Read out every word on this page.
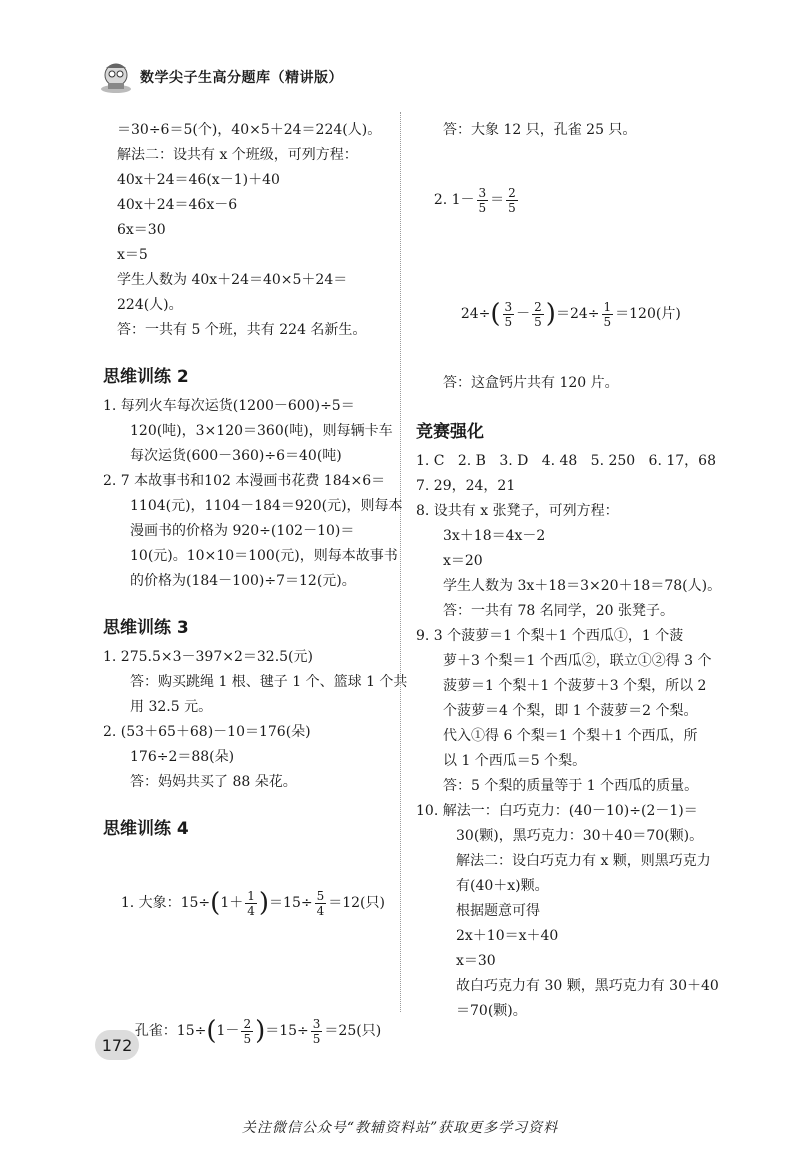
数学尖子生高分题库（精讲版）
＝30÷6＝5(个)，40×5＋24＝224(人)。
解法二：设共有 x 个班级，可列方程：
40x＋24＝46(x－1)＋40
40x＋24＝46x－6
6x＝30
x＝5
学生人数为 40x＋24＝40×5＋24＝
224(人)。
答：一共有 5 个班，共有 224 名新生。
思维训练 2
1. 每列火车每次运货(1200－600)÷5＝
120(吨)，3×120＝360(吨)，则每辆卡车
每次运货(600－360)÷6＝40(吨)
2. 7 本故事书和102 本漫画书花费 184×6＝
1104(元)，1104－184＝920(元)，则每本
漫画书的价格为 920÷(102－10)＝
10(元)。10×10＝100(元)，则每本故事书
的价格为(184－100)÷7＝12(元)。
思维训练 3
1. 275.5×3－397×2＝32.5(元)
答：购买跳绳 1 根、毽子 1 个、篮球 1 个共
用 32.5 元。
2. (53＋65＋68)－10＝176(朵)
176÷2＝88(朵)
答：妈妈共买了 88 朵花。
思维训练 4

1. 大象：$15\div(1+ \frac{1}{4} )=15\div \frac{5}{4} =12$(只)

孔雀：$15\div(1- \frac{2}{5} )=15\div \frac{3}{5} =25$(只)

答：大象 12 只，孔雀 25 只。

2. $1- \frac{3}{5} = \frac{2}{5}$

$24\div( \frac{3}{5} - \frac{2}{5} )=24\div \frac{1}{5} =120$(片)

答：这盒钙片共有 120 片。
竞赛强化
1. C   2. B   3. D   4. 48   5. 250   6. 17，68
7. 29，24，21
8. 设共有 x 张凳子，可列方程：
3x＋18＝4x－2
x＝20
学生人数为 3x＋18＝3×20＋18＝78(人)。
答：一共有 78 名同学，20 张凳子。
9. 3 个菠萝＝1 个梨＋1 个西瓜①，1 个菠
萝＋3 个梨＝1 个西瓜②，联立①②得 3 个
菠萝＝1 个梨＋1 个菠萝＋3 个梨，所以 2
个菠萝＝4 个梨，即 1 个菠萝＝2 个梨。
代入①得 6 个梨＝1 个梨＋1 个西瓜，所
以 1 个西瓜＝5 个梨。
答：5 个梨的质量等于 1 个西瓜的质量。
10. 解法一：白巧克力：(40－10)÷(2－1)＝
30(颗)，黑巧克力：30＋40＝70(颗)。
解法二：设白巧克力有 x 颗，则黑巧克力
有(40＋x)颗。
根据题意可得
2x＋10＝x＋40
x＝30
故白巧克力有 30 颗，黑巧克力有 30＋40
＝70(颗)。
172
关注微信公众号“教辅资料站”获取更多学习资料
